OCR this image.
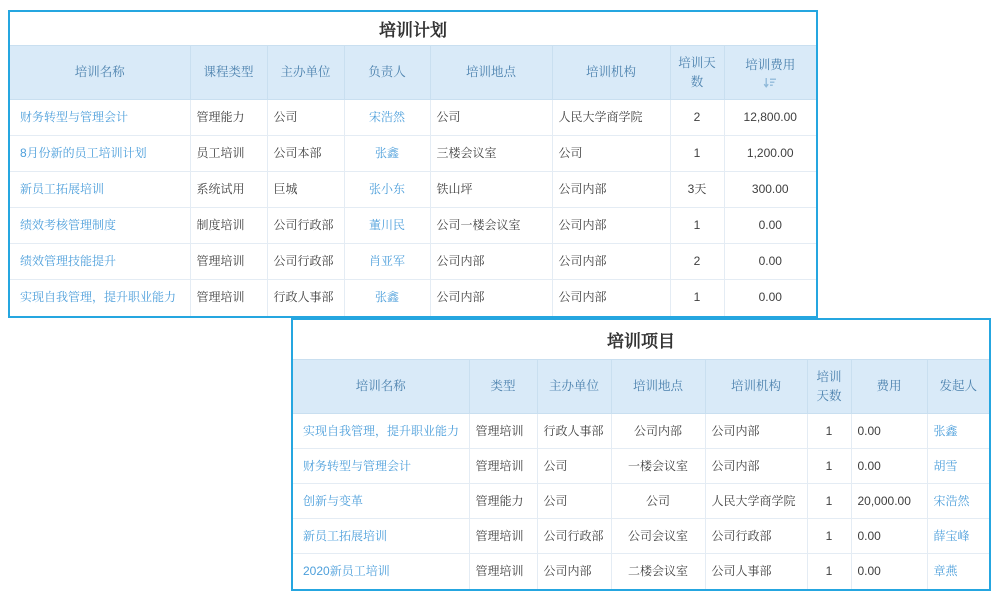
培训计划
培训名称	课程类型	主办单位	负责人	培训地点	培训机构	培训天数	培训费用

财务转型与管理会计	管理能力	公司	宋浩然	公司	人民大学商学院	2	12,800.00
8月份新的员工培训计划	员工培训	公司本部	张鑫	三楼会议室	公司	1	1,200.00
新员工拓展培训	系统试用	巨城	张小东	铁山坪	公司内部	3天	300.00
绩效考核管理制度	制度培训	公司行政部	董川民	公司一楼会议室	公司内部	1	0.00
绩效管理技能提升	管理培训	公司行政部	肖亚军	公司内部	公司内部	2	0.00
实现自我管理，提升职业能力	管理培训	行政人事部	张鑫	公司内部	公司内部	1	0.00
培训项目
培训名称	类型	主办单位	培训地点	培训机构	培训天数	费用	发起人

实现自我管理，提升职业能力	管理培训	行政人事部	公司内部	公司内部	1	0.00	张鑫
财务转型与管理会计	管理培训	公司	一楼会议室	公司内部	1	0.00	胡雪
创新与变革	管理能力	公司	公司	人民大学商学院	1	20,000.00	宋浩然
新员工拓展培训	管理培训	公司行政部	公司会议室	公司行政部	1	0.00	薛宝峰
2020新员工培训	管理培训	公司内部	二楼会议室	公司人事部	1	0.00	章燕
